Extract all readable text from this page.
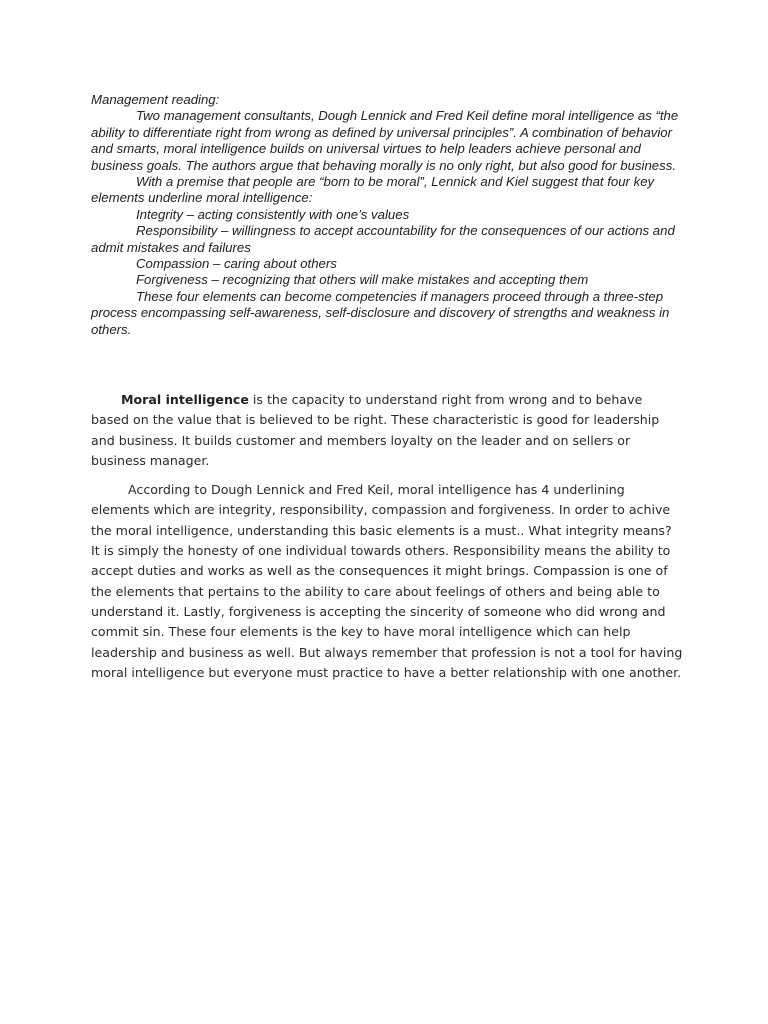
Management reading:

Two management consultants, Dough Lennick and Fred Keil define moral intelligence as “the ability to differentiate right from wrong as defined by universal principles”. A combination of behavior and smarts, moral intelligence builds on universal virtues to help leaders achieve personal and business goals. The authors argue that behaving morally is no only right, but also good for business.

With a premise that people are “born to be moral”, Lennick and Kiel suggest that four key elements underline moral intelligence:

Integrity – acting consistently with one’s values

Responsibility – willingness to accept accountability for the consequences of our actions and admit mistakes and failures

Compassion – caring about others

Forgiveness – recognizing that others will make mistakes and accepting them

These four elements can become competencies if managers proceed through a three-step process encompassing self-awareness, self-disclosure and discovery of strengths and weakness in others.

Moral intelligence is the capacity to understand right from wrong and to behave based on the value that is believed to be right. These characteristic is good for leadership and business. It builds customer and members loyalty on the leader and on sellers or business manager.

According to Dough Lennick and Fred Keil, moral intelligence has 4 underlining elements which are integrity, responsibility, compassion and forgiveness. In order to achive the moral intelligence, understanding this basic elements is a must.. What integrity means? It is simply the honesty of one individual towards others. Responsibility means the ability to accept duties and works as well as the consequences it might brings. Compassion is one of the elements that pertains to the ability to care about feelings of others and being able to understand it. Lastly, forgiveness is accepting the sincerity of someone who did wrong and commit sin. These four elements is the key to have moral intelligence which can help leadership and business as well. But always remember that profession is not a tool for having moral intelligence but everyone must practice to have a better relationship with one another.
